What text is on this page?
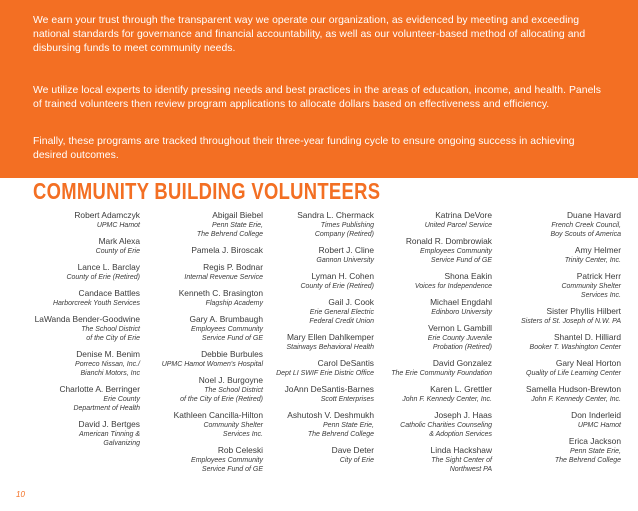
We earn your trust through the transparent way we operate our organization, as evidenced by meeting and exceeding national standards for governance and financial accountability, as well as our volunteer-based method of allocating and disbursing funds to meet community needs.

We utilize local experts to identify pressing needs and best practices in the areas of education, income, and health. Panels of trained volunteers then review program applications to allocate dollars based on effectiveness and efficiency.

Finally, these programs are tracked throughout their three-year funding cycle to ensure ongoing success in achieving desired outcomes.

COMMUNITY BUILDING VOLUNTEERS
Robert Adamczyk
UPMC Hamot
Mark Alexa
County of Erie
Lance L. Barclay
County of Erie (Retired)
Candace Battles
Harborcreek Youth Services
LaWanda Bender-Goodwine
The School District
of the City of Erie
Denise M. Benim
Porreco Nissan, Inc./
Bianchi Motors, Inc
Charlotte A. Berringer
Erie County
Department of Health
David J. Bertges
American Tinning &
Galvanizing
Abigail Biebel
Penn State Erie,
The Behrend College
Pamela J. Biroscak
Regis P. Bodnar
Internal Revenue Service
Kenneth C. Brasington
Flagship Academy
Gary A. Brumbaugh
Employees Community
Service Fund of GE
Debbie Burbules
UPMC Hamot Women's Hospital
Noel J. Burgoyne
The School District
of the City of Erie (Retired)
Kathleen Cancilla-Hilton
Community Shelter
Services Inc.
Rob Celeski
Employees Community
Service Fund of GE
Sandra L. Chermack
Times Publishing
Company (Retired)
Robert J. Cline
Gannon University
Lyman H. Cohen
County of Erie (Retired)
Gail J. Cook
Erie General Electric
Federal Credit Union
Mary Ellen Dahlkemper
Stairways Behavioral Health
Carol DeSantis
Dept LI SWIF Erie Distric Office
JoAnn DeSantis-Barnes
Scott Enterprises
Ashutosh V. Deshmukh
Penn State Erie,
The Behrend College
Dave Deter
City of Erie
Katrina DeVore
United Parcel Service
Ronald R. Dombrowiak
Employees Community
Service Fund of GE
Shona Eakin
Voices for Independence
Michael Engdahl
Edinboro University
Vernon L Gambill
Erie County Juvenile
Probation (Retired)
David Gonzalez
The Erie Community Foundation
Karen L. Grettler
John F. Kennedy Center, Inc.
Joseph J. Haas
Catholic Charities Counseling
& Adoption Services
Linda Hackshaw
The Sight Center of
Northwest PA
Duane Havard
French Creek Council,
Boy Scouts of America
Amy Helmer
Trinity Center, Inc.
Patrick Herr
Community Shelter
Services Inc.
Sister Phyllis Hilbert
Sisters of St. Joseph of N.W. PA
Shantel D. Hilliard
Booker T. Washington Center
Gary Neal Horton
Quality of Life Learning Center
Samella Hudson-Brewton
John F. Kennedy Center, Inc.
Don Inderleid
UPMC Hamot
Erica Jackson
Penn State Erie,
The Behrend College
10
